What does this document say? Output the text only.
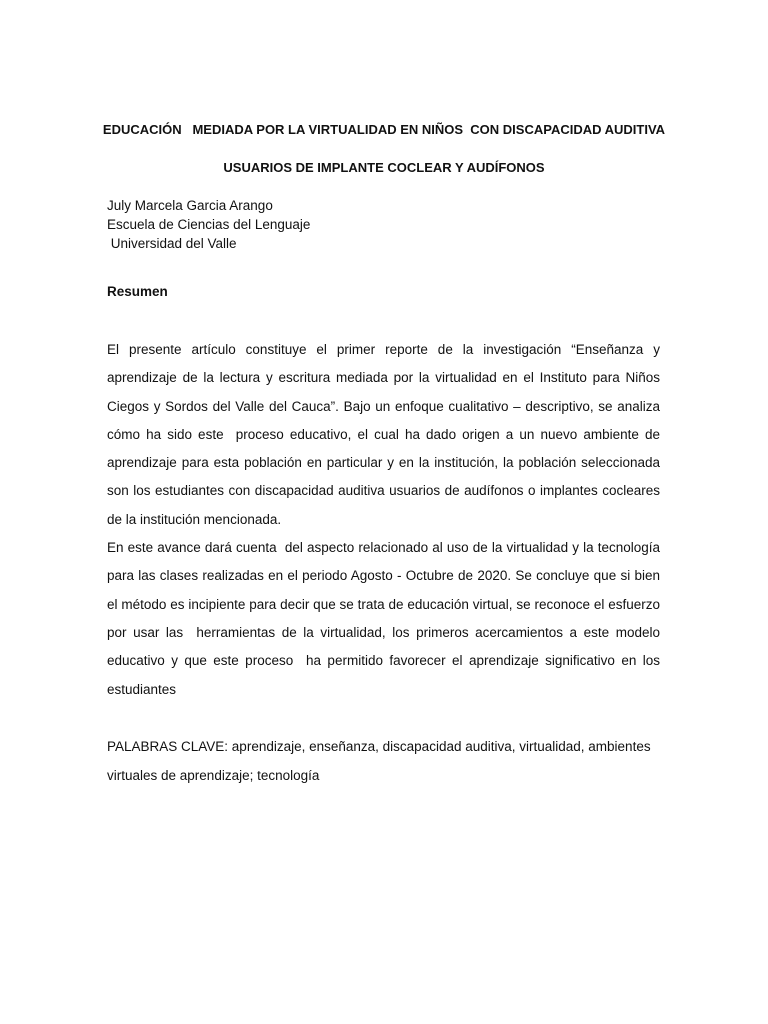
EDUCACIÓN   MEDIADA POR LA VIRTUALIDAD EN NIÑOS  CON DISCAPACIDAD AUDITIVA
USUARIOS DE IMPLANTE COCLEAR Y AUDÍFONOS
July Marcela Garcia Arango
Escuela de Ciencias del Lenguaje
Universidad del Valle
Resumen

El presente artículo constituye el primer reporte de la investigación “Enseñanza y aprendizaje de la lectura y escritura mediada por la virtualidad en el Instituto para Niños Ciegos y Sordos del Valle del Cauca”. Bajo un enfoque cualitativo – descriptivo, se analiza cómo ha sido este  proceso educativo, el cual ha dado origen a un nuevo ambiente de aprendizaje para esta población en particular y en la institución, la población seleccionada son los estudiantes con discapacidad auditiva usuarios de audífonos o implantes cocleares de la institución mencionada.

En este avance dará cuenta  del aspecto relacionado al uso de la virtualidad y la tecnología para las clases realizadas en el periodo Agosto - Octubre de 2020. Se concluye que si bien el método es incipiente para decir que se trata de educación virtual, se reconoce el esfuerzo por usar las  herramientas de la virtualidad, los primeros acercamientos a este modelo educativo y que este proceso  ha permitido favorecer el aprendizaje significativo en los estudiantes

PALABRAS CLAVE: aprendizaje, enseñanza, discapacidad auditiva, virtualidad, ambientes virtuales de aprendizaje; tecnología
